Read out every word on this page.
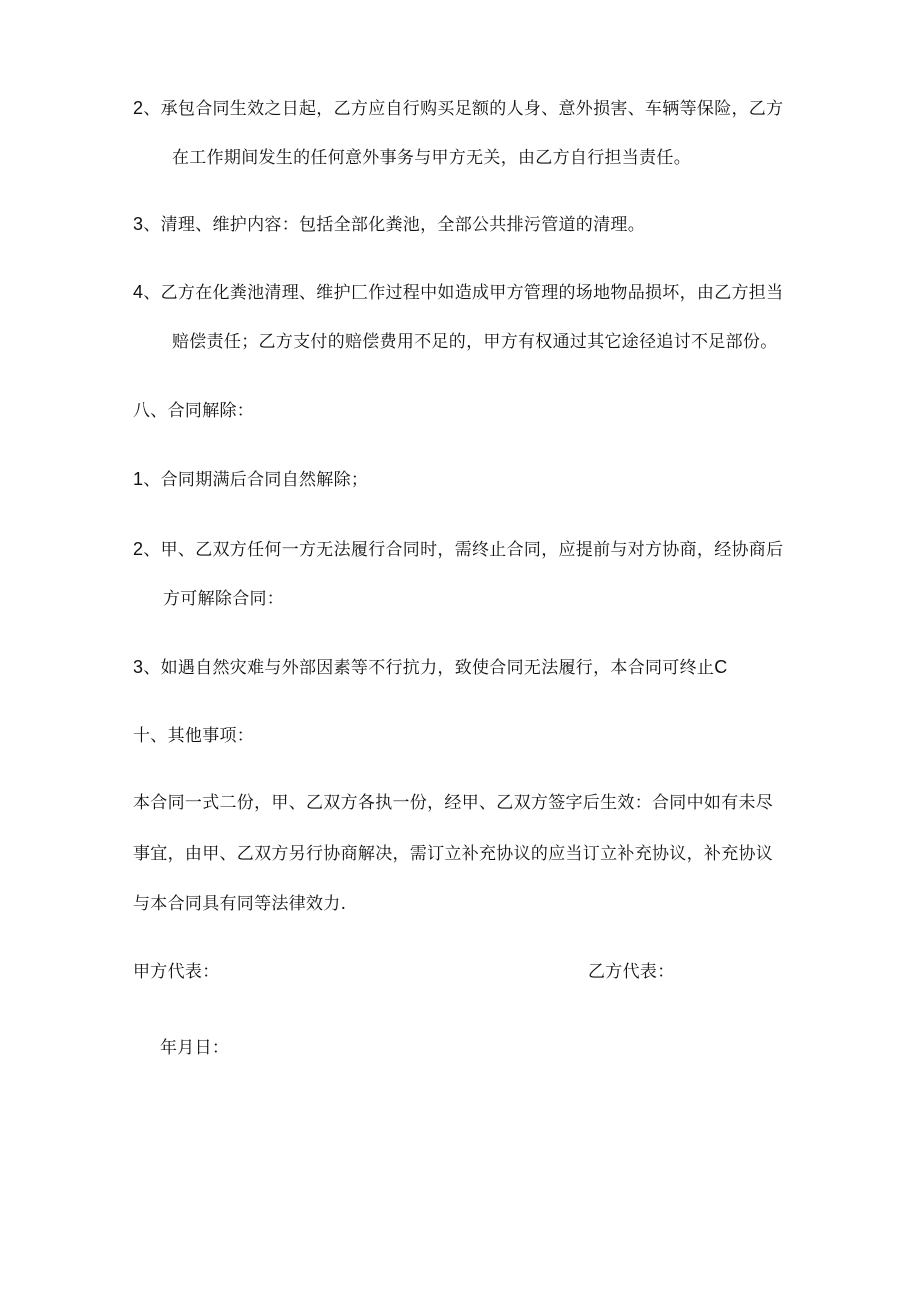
2、承包合同生效之日起，乙方应自行购买足额的人身、意外损害、车辆等保险，乙方
在工作期间发生的任何意外事务与甲方无关，由乙方自行担当责任。
3、清理、维护内容：包括全部化粪池，全部公共排污管道的清理。
4、乙方在化粪池清理、维护匚作过程中如造成甲方管理的场地物品损坏，由乙方担当
赔偿责任；乙方支付的赔偿费用不足的，甲方有权通过其它途径追讨不足部份。
八、合同解除：
1、合同期满后合同自然解除；
2、甲、乙双方任何一方无法履行合同时，需终止合同，应提前与对方协商，经协商后
方可解除合同：
3、如遇自然灾难与外部因素等不行抗力，致使合同无法履行，本合同可终止C
十、其他事项：
本合同一式二份，甲、乙双方各执一份，经甲、乙双方签字后生效：合同中如有未尽
事宜，由甲、乙双方另行协商解决，需订立补充协议的应当订立补充协议，补充协议
与本合同具有同等法律效力.
甲方代表：	乙方代表：
年月日：
